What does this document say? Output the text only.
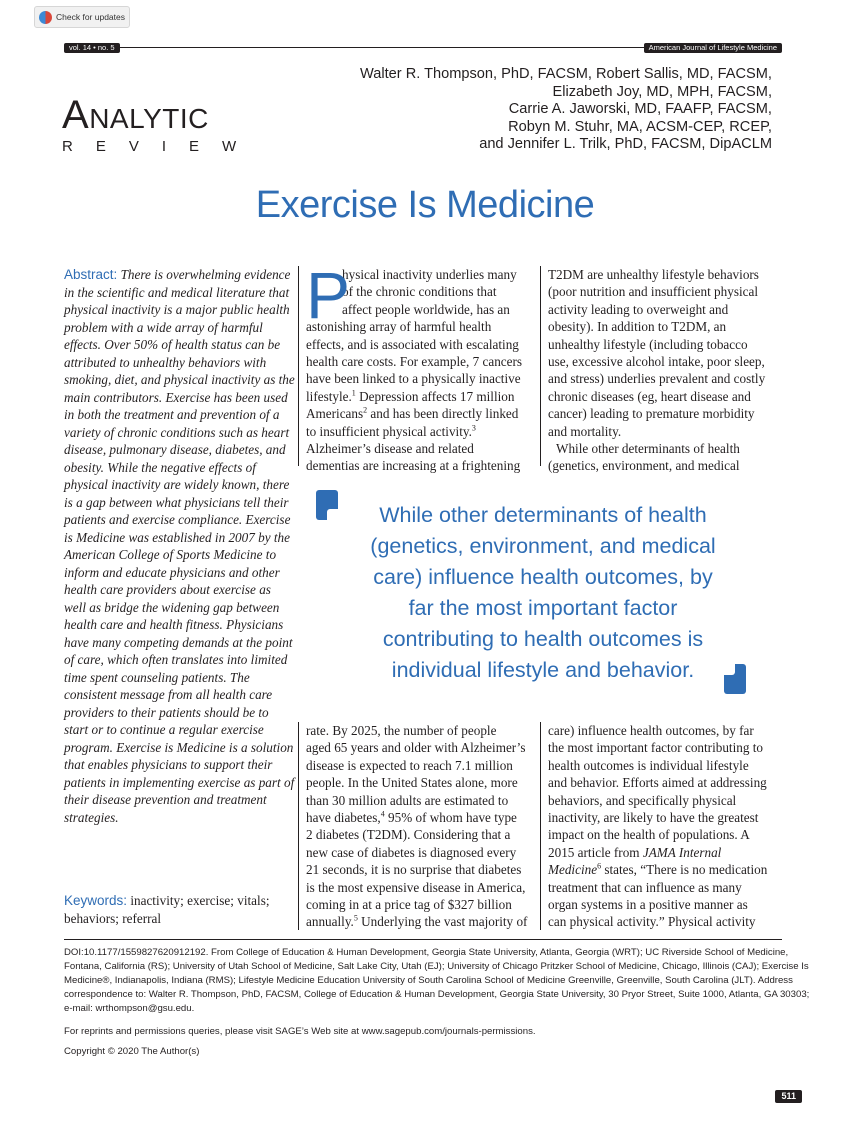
Check for updates
vol. 14 • no. 5	American Journal of Lifestyle Medicine
Walter R. Thompson, PhD, FACSM, Robert Sallis, MD, FACSM,
Elizabeth Joy, MD, MPH, FACSM,
Carrie A. Jaworski, MD, FAAFP, FACSM,
Robyn M. Stuhr, MA, ACSM-CEP, RCEP,
and Jennifer L. Trilk, PhD, FACSM, DipACLM
ANALYTIC
REVIEW
Exercise Is Medicine
Abstract: There is overwhelming evidence in the scientific and medical literature that physical inactivity is a major public health problem with a wide array of harmful effects. Over 50% of health status can be attributed to unhealthy behaviors with smoking, diet, and physical inactivity as the main contributors. Exercise has been used in both the treatment and prevention of a variety of chronic conditions such as heart disease, pulmonary disease, diabetes, and obesity. While the negative effects of physical inactivity are widely known, there is a gap between what physicians tell their patients and exercise compliance. Exercise is Medicine was established in 2007 by the American College of Sports Medicine to inform and educate physicians and other health care providers about exercise as well as bridge the widening gap between health care and health fitness. Physicians have many competing demands at the point of care, which often translates into limited time spent counseling patients. The consistent message from all health care providers to their patients should be to start or to continue a regular exercise program. Exercise is Medicine is a solution that enables physicians to support their patients in implementing exercise as part of their disease prevention and treatment strategies.
Keywords: inactivity; exercise; vitals; behaviors; referral
P
hysical inactivity underlies many
of the chronic conditions that
affect people worldwide, has an
astonishing array of harmful health
effects, and is associated with escalating
health care costs. For example, 7 cancers
have been linked to a physically inactive
lifestyle.$^1$ Depression affects 17 million
Americans$^2$ and has been directly linked
to insufficient physical activity.$^3$
Alzheimer’s disease and related
dementias are increasing at a frightening
T2DM are unhealthy lifestyle behaviors
(poor nutrition and insufficient physical
activity leading to overweight and
obesity). In addition to T2DM, an
unhealthy lifestyle (including tobacco
use, excessive alcohol intake, poor sleep,
and stress) underlies prevalent and costly
chronic diseases (eg, heart disease and
cancer) leading to premature morbidity
and mortality.
While other determinants of health
(genetics, environment, and medical
While other determinants of health
(genetics, environment, and medical
care) influence health outcomes, by
far the most important factor
contributing to health outcomes is
individual lifestyle and behavior.
rate. By 2025, the number of people
aged 65 years and older with Alzheimer’s
disease is expected to reach 7.1 million
people. In the United States alone, more
than 30 million adults are estimated to
have diabetes,$^4$ 95% of whom have type
2 diabetes (T2DM). Considering that a
new case of diabetes is diagnosed every
21 seconds, it is no surprise that diabetes
is the most expensive disease in America,
coming in at a price tag of $327 billion
annually.$^5$ Underlying the vast majority of
care) influence health outcomes, by far
the most important factor contributing to
health outcomes is individual lifestyle
and behavior. Efforts aimed at addressing
behaviors, and specifically physical
inactivity, are likely to have the greatest
impact on the health of populations. A
2015 article from JAMA Internal
Medicine$^6$ states, “There is no medication
treatment that can influence as many
organ systems in a positive manner as
can physical activity.” Physical activity
DOI:10.1177/1559827620912192. From College of Education & Human Development, Georgia State University, Atlanta, Georgia (WRT); UC Riverside School of Medicine,
Fontana, California (RS); University of Utah School of Medicine, Salt Lake City, Utah (EJ); University of Chicago Pritzker School of Medicine, Chicago, Illinois (CAJ); Exercise Is
Medicine®, Indianapolis, Indiana (RMS); Lifestyle Medicine Education University of South Carolina School of Medicine Greenville, Greenville, South Carolina (JLT). Address
correspondence to: Walter R. Thompson, PhD, FACSM, College of Education & Human Development, Georgia State University, 30 Pryor Street, Suite 1000, Atlanta, GA 30303;
e-mail: wrthompson@gsu.edu.
For reprints and permissions queries, please visit SAGE’s Web site at www.sagepub.com/journals-permissions.
Copyright © 2020 The Author(s)
511
